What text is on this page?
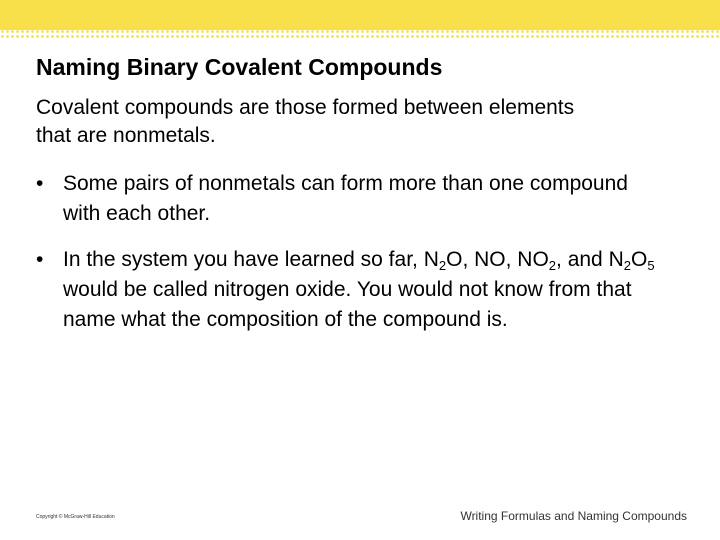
Naming Binary Covalent Compounds

Covalent compounds are those formed between elements that are nonmetals.

• Some pairs of nonmetals can form more than one compound with each other.
• In the system you have learned so far, $N_2O$, NO, $NO_2$, and $N_2O_5$ would be called nitrogen oxide. You would not know from that name what the composition of the compound is.
Copyright © McGraw-Hill Education	Writing Formulas and Naming Compounds
